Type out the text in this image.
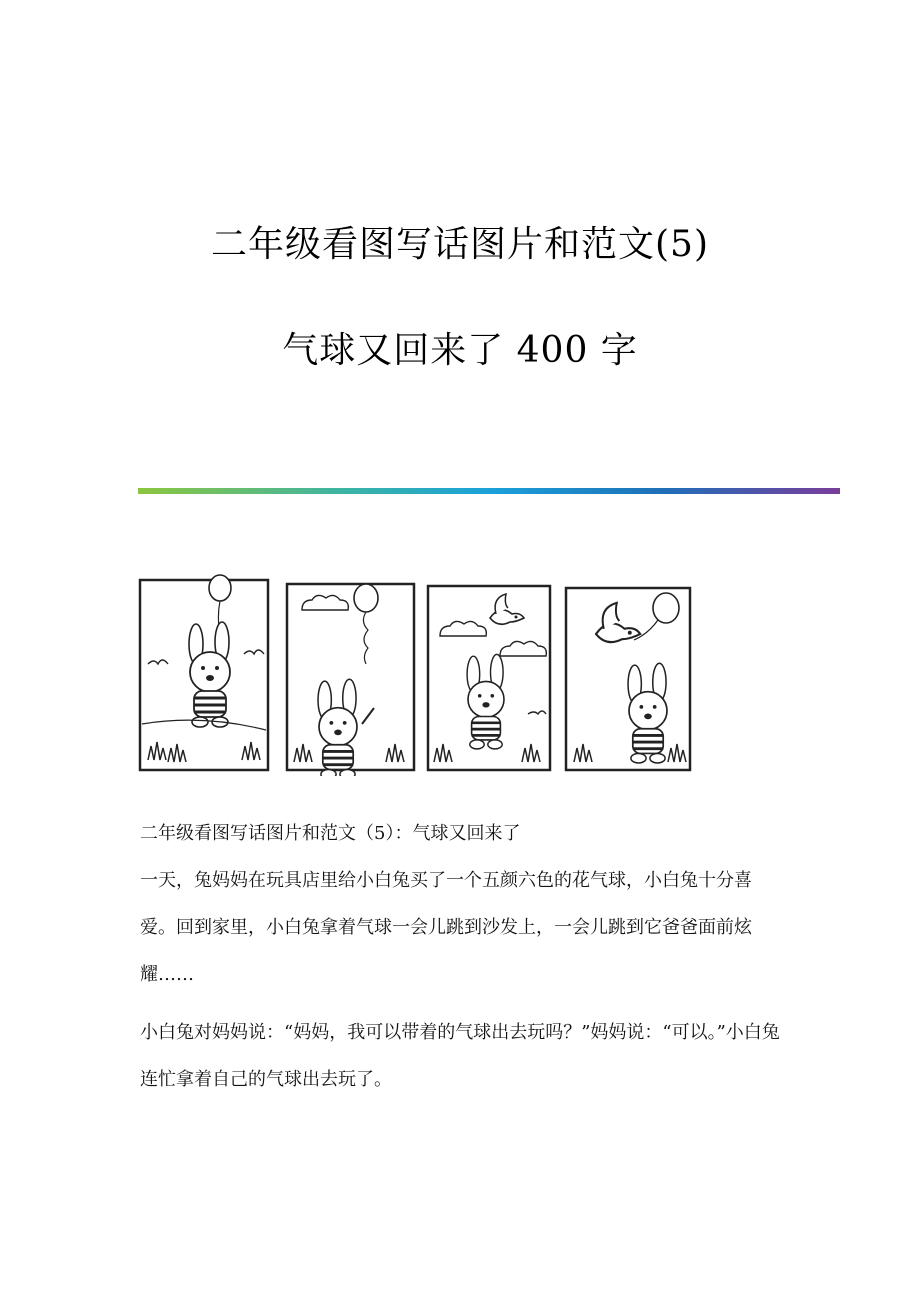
二年级看图写话图片和范文(5)
气球又回来了 400 字

二年级看图写话图片和范文（5）：气球又回来了

一天，兔妈妈在玩具店里给小白兔买了一个五颜六色的花气球，小白兔十分喜爱。回到家里，小白兔拿着气球一会儿跳到沙发上，一会儿跳到它爸爸面前炫耀……

小白兔对妈妈说：“妈妈，我可以带着的气球出去玩吗？”妈妈说：“可以。”小白兔连忙拿着自己的气球出去玩了。
